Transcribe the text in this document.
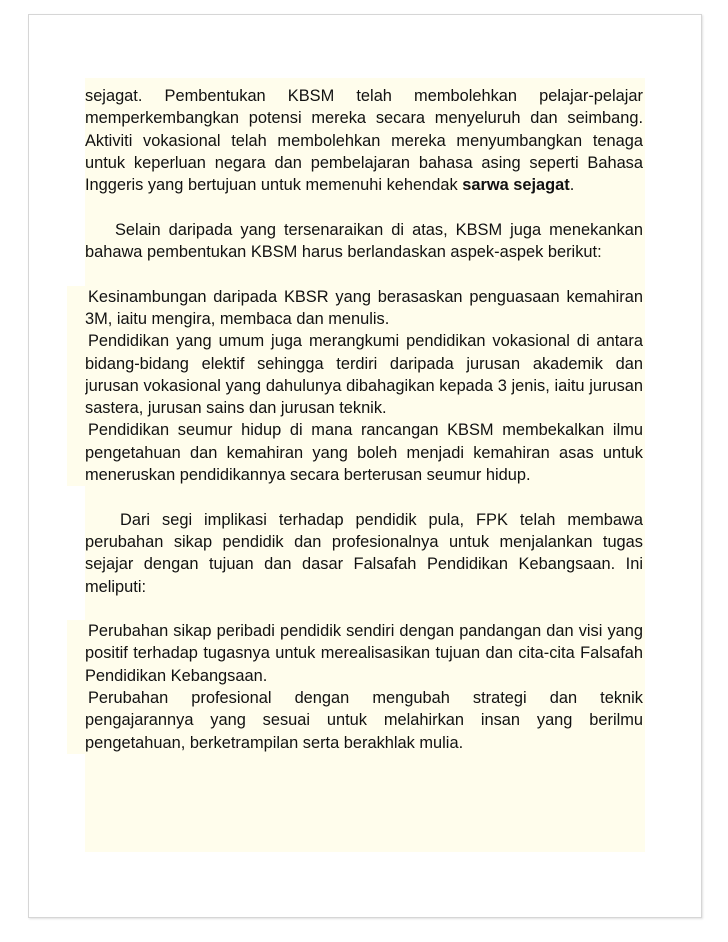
sejagat. Pembentukan KBSM telah membolehkan pelajar-pelajar memperkembangkan potensi mereka secara menyeluruh dan seimbang. Aktiviti vokasional telah membolehkan mereka menyumbangkan tenaga untuk keperluan negara dan pembelajaran bahasa asing seperti Bahasa Inggeris yang bertujuan untuk memenuhi kehendak sarwa sejagat.

Selain daripada yang tersenaraikan di atas, KBSM juga menekankan bahawa pembentukan KBSM harus berlandaskan aspek-aspek berikut:

Kesinambungan daripada KBSR yang berasaskan penguasaan kemahiran 3M, iaitu mengira, membaca dan menulis.

Pendidikan yang umum juga merangkumi pendidikan vokasional di antara bidang-bidang elektif sehingga terdiri daripada jurusan akademik dan jurusan vokasional yang dahulunya dibahagikan kepada 3 jenis, iaitu jurusan sastera, jurusan sains dan jurusan teknik.

Pendidikan seumur hidup di mana rancangan KBSM membekalkan ilmu pengetahuan dan kemahiran yang boleh menjadi kemahiran asas untuk meneruskan pendidikannya secara berterusan seumur hidup.

Dari segi implikasi terhadap pendidik pula, FPK telah membawa perubahan sikap pendidik dan profesionalnya untuk menjalankan tugas sejajar dengan tujuan dan dasar Falsafah Pendidikan Kebangsaan. Ini meliputi:

Perubahan sikap peribadi pendidik sendiri dengan pandangan dan visi yang positif terhadap tugasnya untuk merealisasikan tujuan dan cita-cita Falsafah Pendidikan Kebangsaan.

Perubahan profesional dengan mengubah strategi dan teknik pengajarannya yang sesuai untuk melahirkan insan yang berilmu pengetahuan, berketrampilan serta berakhlak mulia.
